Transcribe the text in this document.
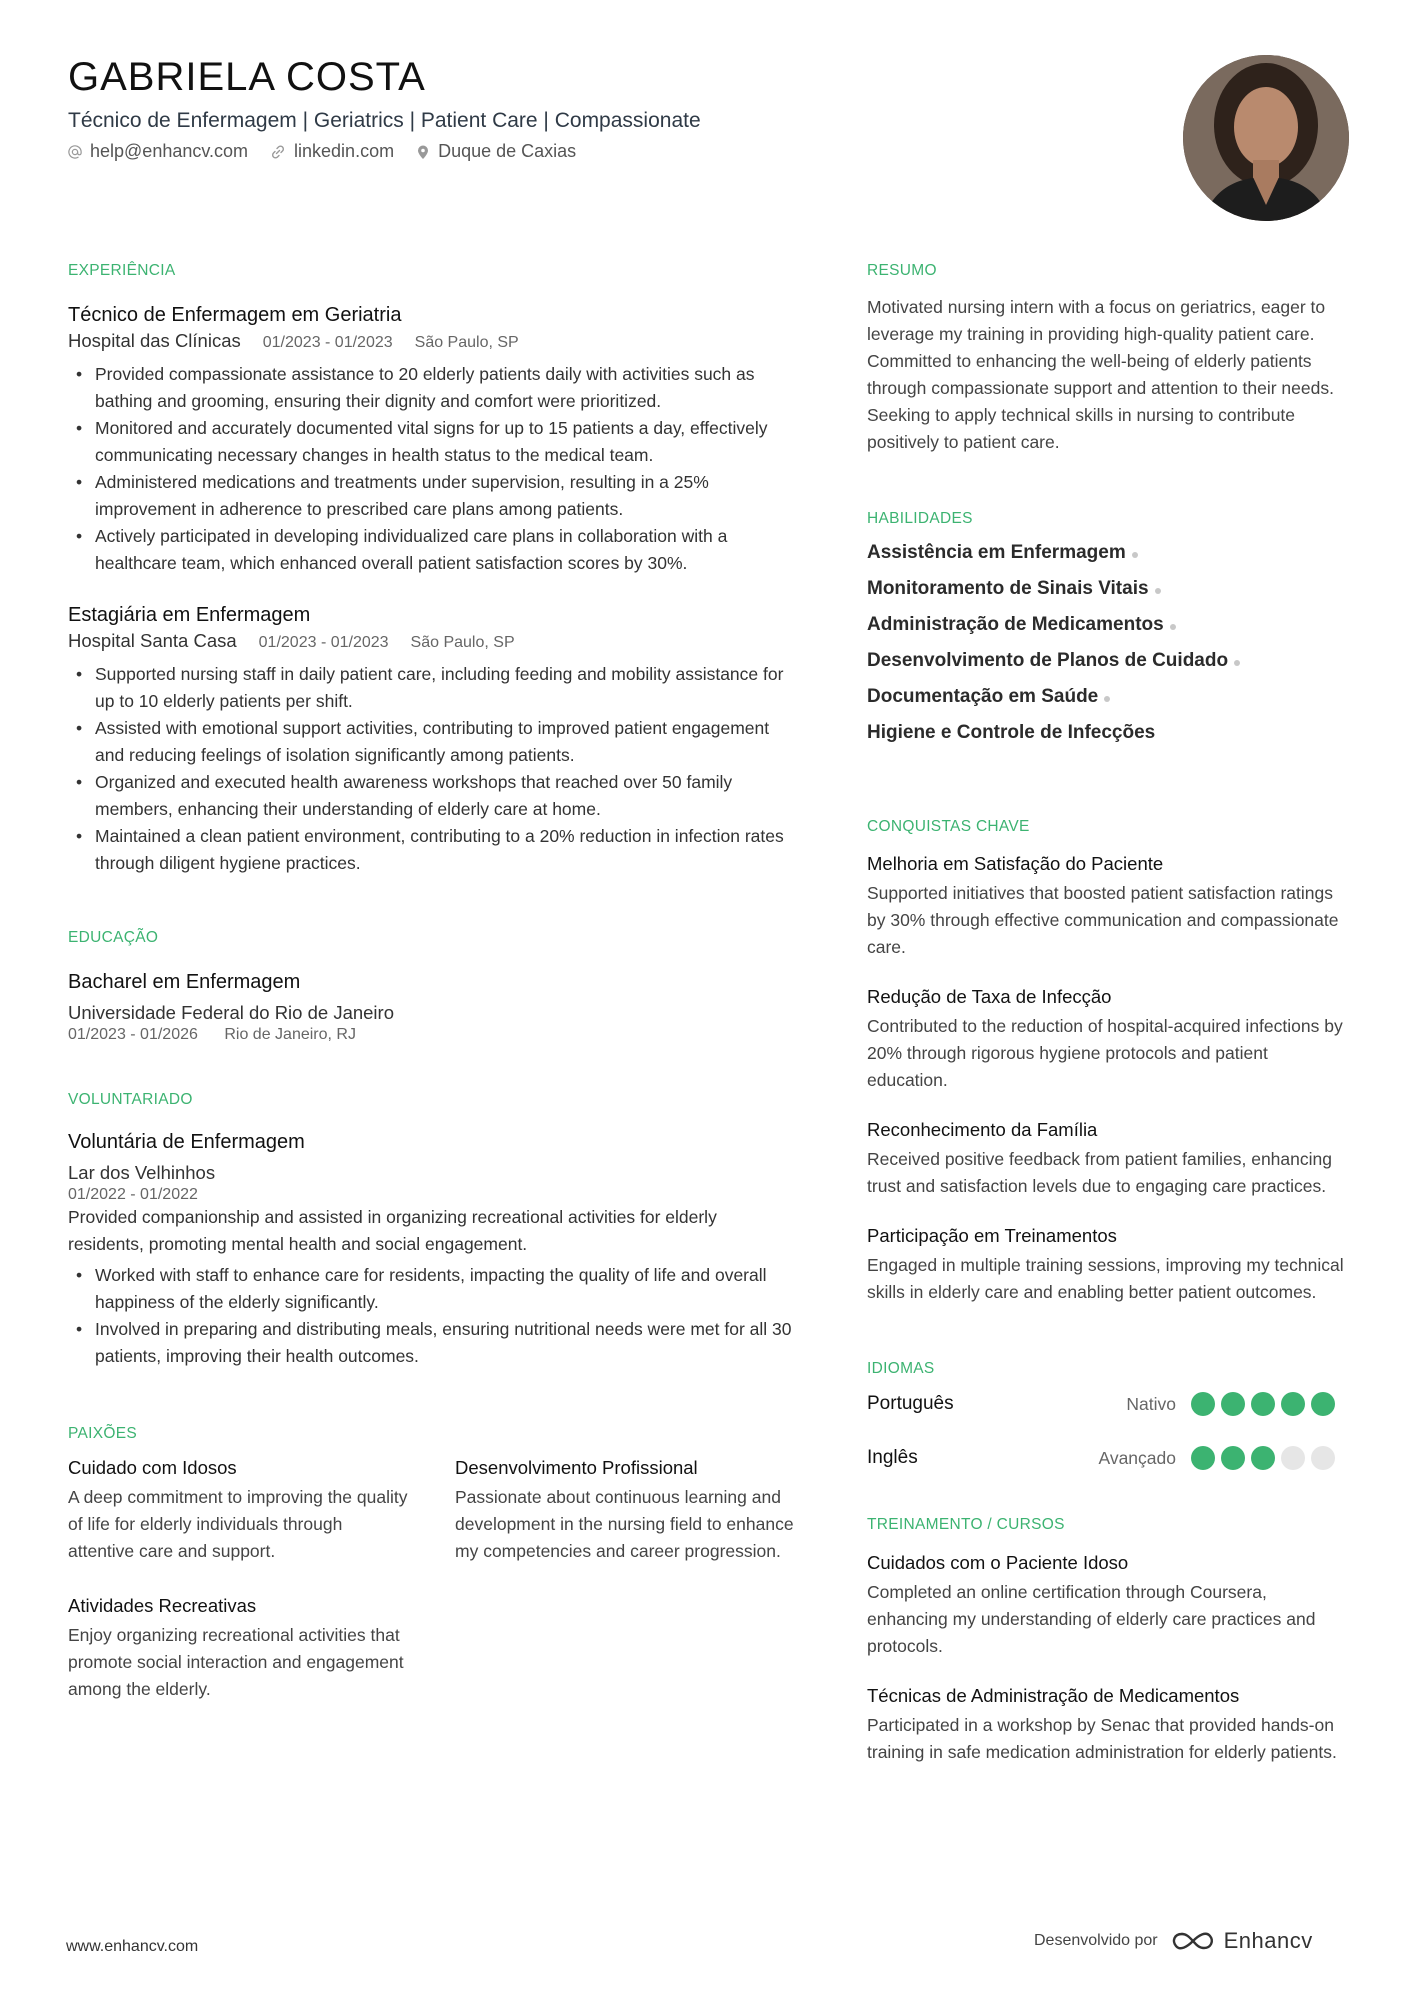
GABRIELA COSTA
Técnico de Enfermagem | Geriatrics | Patient Care | Compassionate
help@enhancv.com	linkedin.com Duque de Caxias
EXPERIÊNCIA
Técnico de Enfermagem em Geriatria
Hospital das Clínicas 01/2023 - 01/2023 São Paulo, SP
• Provided compassionate assistance to 20 elderly patients daily with activities such as bathing and grooming, ensuring their dignity and comfort were prioritized.
• Monitored and accurately documented vital signs for up to 15 patients a day, effectively communicating necessary changes in health status to the medical team.
• Administered medications and treatments under supervision, resulting in a 25% improvement in adherence to prescribed care plans among patients.
• Actively participated in developing individualized care plans in collaboration with a healthcare team, which enhanced overall patient satisfaction scores by 30%.
Estagiária em Enfermagem
Hospital Santa Casa 01/2023 - 01/2023 São Paulo, SP
• Supported nursing staff in daily patient care, including feeding and mobility assistance for up to 10 elderly patients per shift.
• Assisted with emotional support activities, contributing to improved patient engagement and reducing feelings of isolation significantly among patients.
• Organized and executed health awareness workshops that reached over 50 family members, enhancing their understanding of elderly care at home.
• Maintained a clean patient environment, contributing to a 20% reduction in infection rates through diligent hygiene practices.
EDUCAÇÃO
Bacharel em Enfermagem
Universidade Federal do Rio de Janeiro
01/2023 - 01/2026 Rio de Janeiro, RJ
VOLUNTARIADO
Voluntária de Enfermagem
Lar dos Velhinhos
01/2022 - 01/2022
Provided companionship and assisted in organizing recreational activities for elderly residents, promoting mental health and social engagement.
• Worked with staff to enhance care for residents, impacting the quality of life and overall happiness of the elderly significantly.
• Involved in preparing and distributing meals, ensuring nutritional needs were met for all 30 patients, improving their health outcomes.
PAIXÕES
Cuidado com Idosos
A deep commitment to improving the quality of life for elderly individuals through attentive care and support.
Desenvolvimento Profissional
Passionate about continuous learning and development in the nursing field to enhance my competencies and career progression.
Atividades Recreativas
Enjoy organizing recreational activities that promote social interaction and engagement among the elderly.
RESUMO
Motivated nursing intern with a focus on geriatrics, eager to leverage my training in providing high-quality patient care. Committed to enhancing the well-being of elderly patients through compassionate support and attention to their needs. Seeking to apply technical skills in nursing to contribute positively to patient care.
HABILIDADES
Assistência em Enfermagem
Monitoramento de Sinais Vitais
Administração de Medicamentos
Desenvolvimento de Planos de Cuidado
Documentação em Saúde
Higiene e Controle de Infecções
CONQUISTAS CHAVE
Melhoria em Satisfação do Paciente
Supported initiatives that boosted patient satisfaction ratings by 30% through effective communication and compassionate care.
Redução de Taxa de Infecção
Contributed to the reduction of hospital-acquired infections by 20% through rigorous hygiene protocols and patient education.
Reconhecimento da Família
Received positive feedback from patient families, enhancing trust and satisfaction levels due to engaging care practices.
Participação em Treinamentos
Engaged in multiple training sessions, improving my technical skills in elderly care and enabling better patient outcomes.
IDIOMAS
Português	Nativo
Inglês	Avançado
TREINAMENTO / CURSOS
Cuidados com o Paciente Idoso
Completed an online certification through Coursera, enhancing my understanding of elderly care practices and protocols.
Técnicas de Administração de Medicamentos
Participated in a workshop by Senac that provided hands-on training in safe medication administration for elderly patients.
www.enhancv.com	Desenvolvido por	Enhancv
